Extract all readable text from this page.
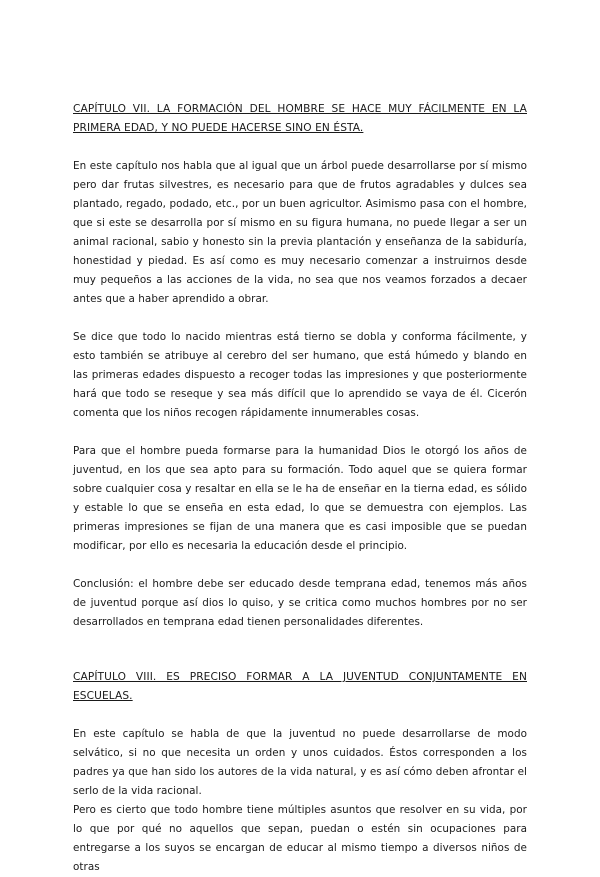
CAPÍTULO VII. LA FORMACIÓN DEL HOMBRE SE HACE MUY FÁCILMENTE EN LA PRIMERA EDAD, Y NO PUEDE HACERSE SINO EN ÉSTA.

En este capítulo nos habla que al igual que un árbol puede desarrollarse por sí mismo pero dar frutas silvestres, es necesario para que de frutos agradables y dulces sea plantado, regado, podado, etc., por un buen agricultor. Asimismo pasa con el hombre, que si este se desarrolla por sí mismo en su figura humana, no puede llegar a ser un animal racional, sabio y honesto sin la previa plantación y enseñanza de la sabiduría, honestidad y piedad. Es así como es muy necesario comenzar a instruirnos desde muy pequeños a las acciones de la vida, no sea que nos veamos forzados a decaer antes que a haber aprendido a obrar.

Se dice que todo lo nacido mientras está tierno se dobla y conforma fácilmente, y esto también se atribuye al cerebro del ser humano, que está húmedo y blando en las primeras edades dispuesto a recoger todas las impresiones y que posteriormente hará que todo se reseque y sea más difícil que lo aprendido se vaya de él. Cicerón comenta que los niños recogen rápidamente innumerables cosas.

Para que el hombre pueda formarse para la humanidad Dios le otorgó los años de juventud, en los que sea apto para su formación. Todo aquel que se quiera formar sobre cualquier cosa y resaltar en ella se le ha de enseñar en la tierna edad, es sólido y estable lo que se enseña en esta edad, lo que se demuestra con ejemplos. Las primeras impresiones se fijan de una manera que es casi imposible que se puedan modificar, por ello es necesaria la educación desde el principio.

Conclusión: el hombre debe ser educado desde temprana edad, tenemos más años de juventud porque así dios lo quiso, y se critica como muchos hombres por no ser desarrollados en temprana edad tienen personalidades diferentes.

CAPÍTULO VIII. ES PRECISO FORMAR A LA JUVENTUD CONJUNTAMENTE EN ESCUELAS.

En este capítulo se habla de que la juventud no puede desarrollarse de modo selvático, si no que necesita un orden y unos cuidados. Éstos corresponden a los padres ya que han sido los autores de la vida natural, y es así cómo deben afrontar el serlo de la vida racional.

Pero es cierto que todo hombre tiene múltiples asuntos que resolver en su vida, por lo que por qué no aquellos que sepan, puedan o estén sin ocupaciones para entregarse a los suyos se encargan de educar al mismo tiempo a diversos niños de otras
